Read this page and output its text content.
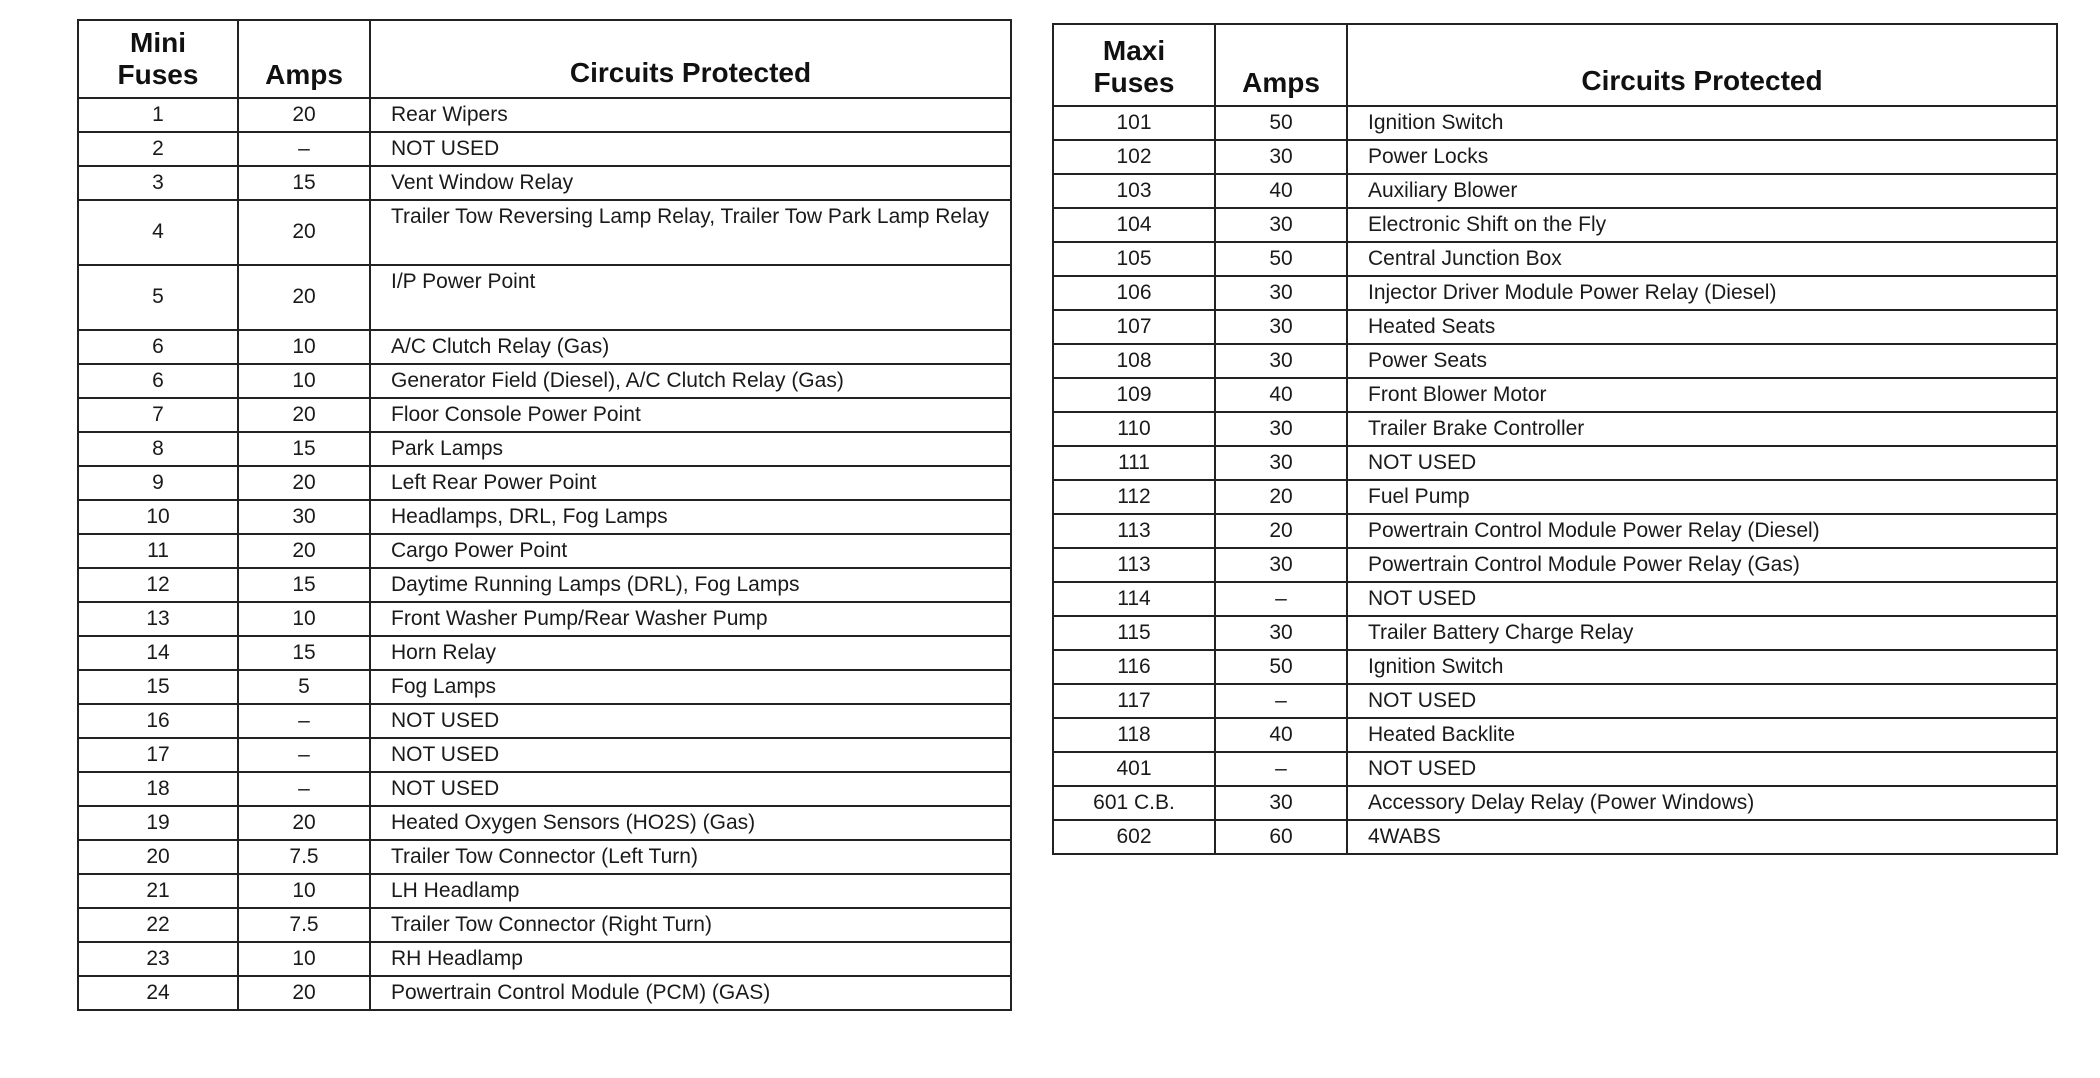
Mini
Fuses	Amps	Circuits Protected
1	20	Rear Wipers
2	–	NOT USED
3	15	Vent Window Relay
4	20	Trailer Tow Reversing Lamp Relay, Trailer Tow Park Lamp Relay
5	20	I/P Power Point
6	10	A/C Clutch Relay (Gas)
6	10	Generator Field (Diesel), A/C Clutch Relay (Gas)
7	20	Floor Console Power Point
8	15	Park Lamps
9	20	Left Rear Power Point
10	30	Headlamps, DRL, Fog Lamps
11	20	Cargo Power Point
12	15	Daytime Running Lamps (DRL), Fog Lamps
13	10	Front Washer Pump/Rear Washer Pump
14	15	Horn Relay
15	5	Fog Lamps
16	–	NOT USED
17	–	NOT USED
18	–	NOT USED
19	20	Heated Oxygen Sensors (HO2S) (Gas)
20	7.5	Trailer Tow Connector (Left Turn)
21	10	LH Headlamp
22	7.5	Trailer Tow Connector (Right Turn)
23	10	RH Headlamp
24	20	Powertrain Control Module (PCM) (GAS)
Maxi
Fuses	Amps	Circuits Protected
101	50	Ignition Switch
102	30	Power Locks
103	40	Auxiliary Blower
104	30	Electronic Shift on the Fly
105	50	Central Junction Box
106	30	Injector Driver Module Power Relay (Diesel)
107	30	Heated Seats
108	30	Power Seats
109	40	Front Blower Motor
110	30	Trailer Brake Controller
111	30	NOT USED
112	20	Fuel Pump
113	20	Powertrain Control Module Power Relay (Diesel)
113	30	Powertrain Control Module Power Relay (Gas)
114	–	NOT USED
115	30	Trailer Battery Charge Relay
116	50	Ignition Switch
117	–	NOT USED
118	40	Heated Backlite
401	–	NOT USED
601 C.B.	30	Accessory Delay Relay (Power Windows)
602	60	4WABS
